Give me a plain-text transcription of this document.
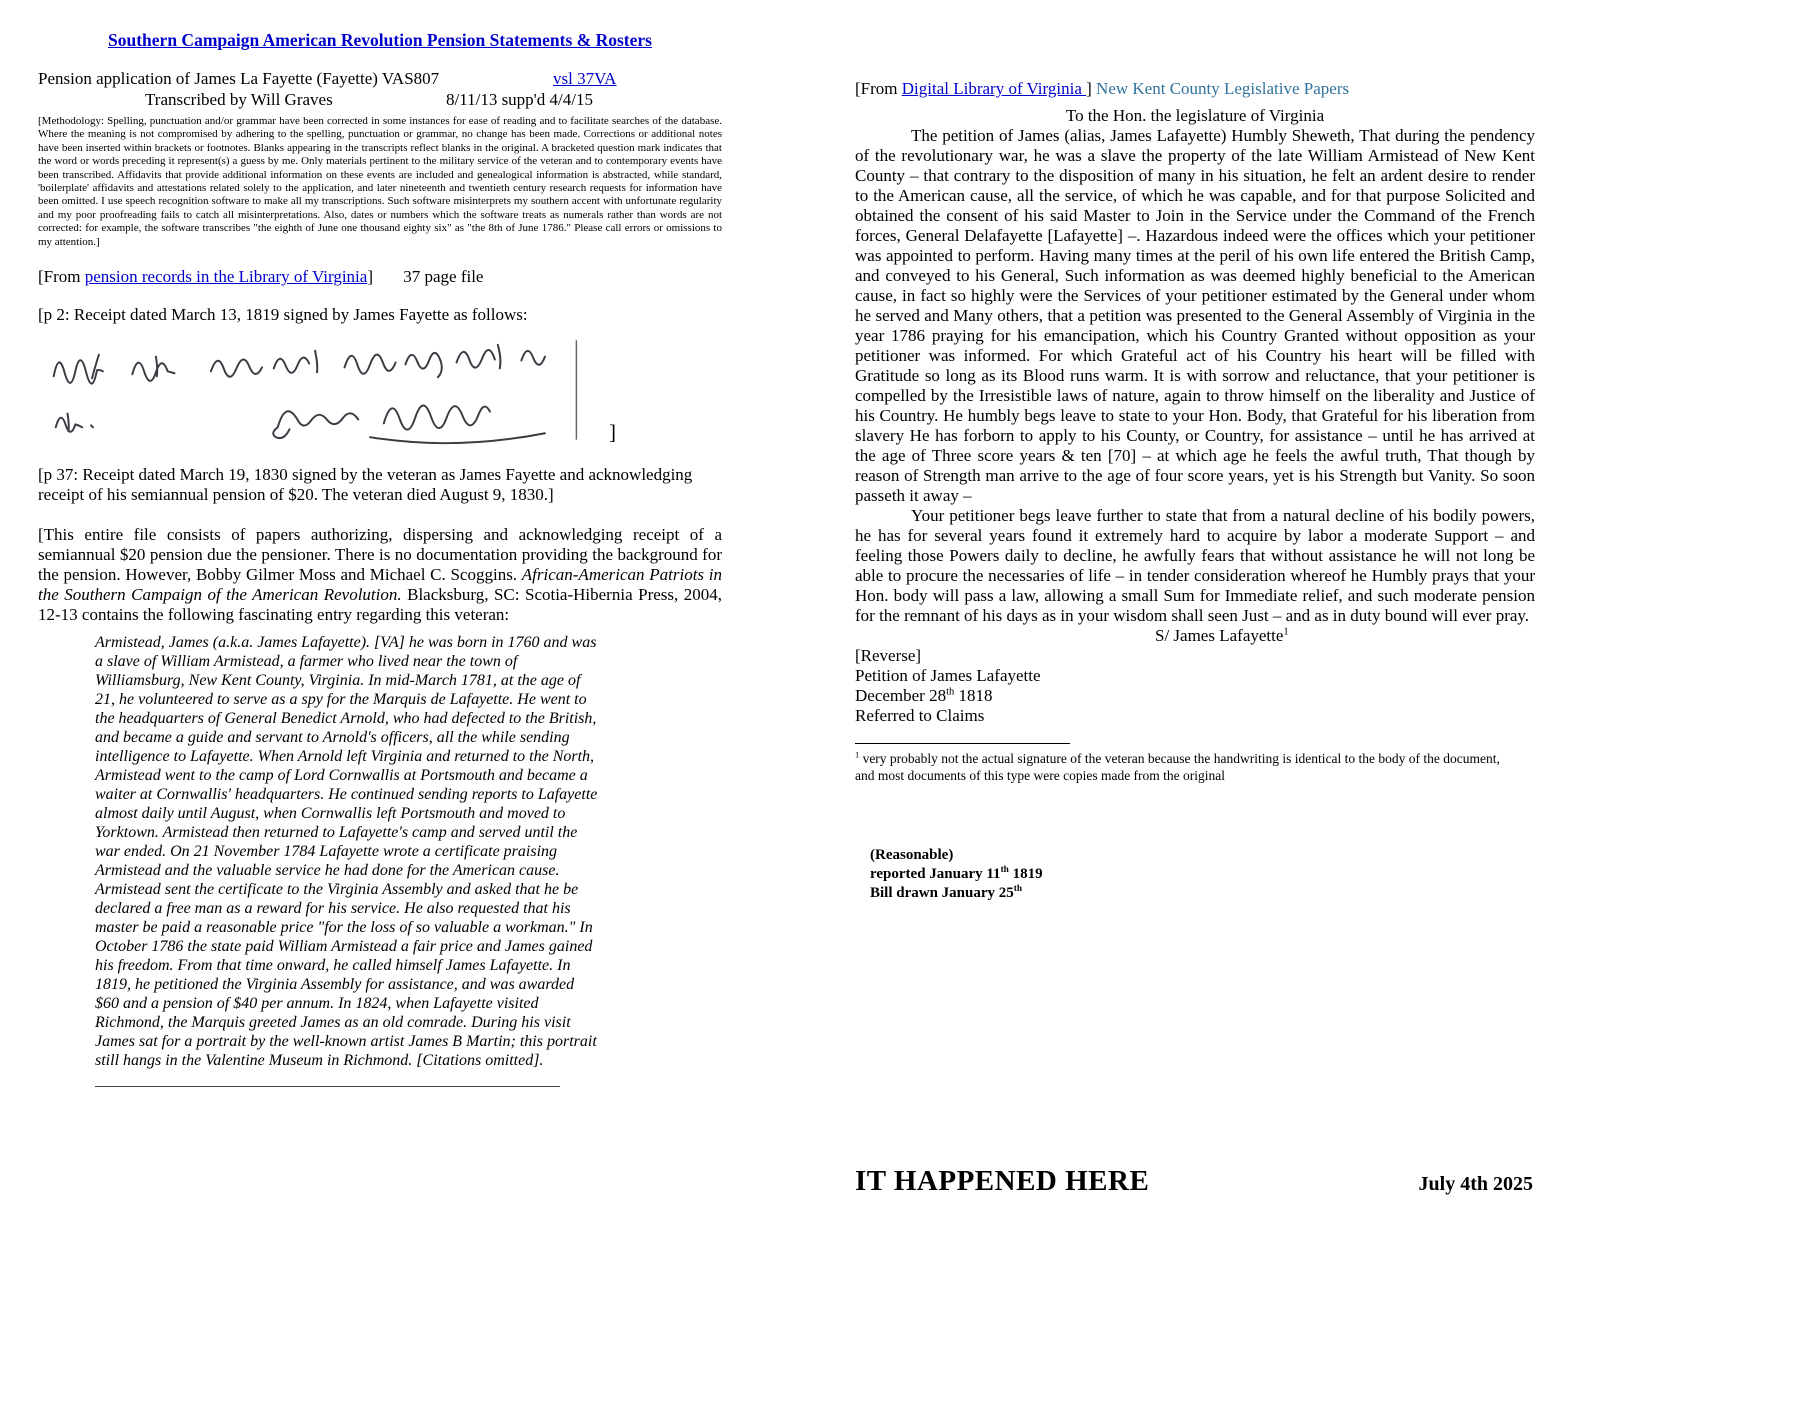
Southern Campaign American Revolution Pension Statements & Rosters
Pension application of James La Fayette (Fayette) VAS807	vsl 37VA
Transcribed by Will Graves	8/11/13 supp'd 4/4/15
[Methodology: Spelling, punctuation and/or grammar have been corrected in some instances for ease of reading and to facilitate searches of the database. Where the meaning is not compromised by adhering to the spelling, punctuation or grammar, no change has been made. Corrections or additional notes have been inserted within brackets or footnotes. Blanks appearing in the transcripts reflect blanks in the original. A bracketed question mark indicates that the word or words preceding it represent(s) a guess by me. Only materials pertinent to the military service of the veteran and to contemporary events have been transcribed. Affidavits that provide additional information on these events are included and genealogical information is abstracted, while standard, 'boilerplate' affidavits and attestations related solely to the application, and later nineteenth and twentieth century research requests for information have been omitted. I use speech recognition software to make all my transcriptions. Such software misinterprets my southern accent with unfortunate regularity and my poor proofreading fails to catch all misinterpretations. Also, dates or numbers which the software treats as numerals rather than words are not corrected: for example, the software transcribes "the eighth of June one thousand eighty six" as "the 8th of June 1786." Please call errors or omissions to my attention.]
[From pension records in the Library of Virginia] 37 page file
[p 2: Receipt dated March 13, 1819 signed by James Fayette as follows:
]
[p 37: Receipt dated March 19, 1830 signed by the veteran as James Fayette and acknowledging receipt of his semiannual pension of $20. The veteran died August 9, 1830.]
[This entire file consists of papers authorizing, dispersing and acknowledging receipt of a semiannual $20 pension due the pensioner. There is no documentation providing the background for the pension. However, Bobby Gilmer Moss and Michael C. Scoggins. African-American Patriots in the Southern Campaign of the American Revolution. Blacksburg, SC: Scotia-Hibernia Press, 2004, 12-13 contains the following fascinating entry regarding this veteran:
Armistead, James (a.k.a. James Lafayette). [VA] he was born in 1760 and was a slave of William Armistead, a farmer who lived near the town of Williamsburg, New Kent County, Virginia. In mid-March 1781, at the age of 21, he volunteered to serve as a spy for the Marquis de Lafayette. He went to the headquarters of General Benedict Arnold, who had defected to the British, and became a guide and servant to Arnold's officers, all the while sending intelligence to Lafayette. When Arnold left Virginia and returned to the North, Armistead went to the camp of Lord Cornwallis at Portsmouth and became a waiter at Cornwallis' headquarters. He continued sending reports to Lafayette almost daily until August, when Cornwallis left Portsmouth and moved to Yorktown. Armistead then returned to Lafayette's camp and served until the war ended. On 21 November 1784 Lafayette wrote a certificate praising Armistead and the valuable service he had done for the American cause. Armistead sent the certificate to the Virginia Assembly and asked that he be declared a free man as a reward for his service. He also requested that his master be paid a reasonable price "for the loss of so valuable a workman." In October 1786 the state paid William Armistead a fair price and James gained his freedom. From that time onward, he called himself James Lafayette. In 1819, he petitioned the Virginia Assembly for assistance, and was awarded $60 and a pension of $40 per annum. In 1824, when Lafayette visited Richmond, the Marquis greeted James as an old comrade. During his visit James sat for a portrait by the well-known artist James B Martin; this portrait still hangs in the Valentine Museum in Richmond. [Citations omitted].
[From Digital Library of Virginia ] New Kent County Legislative Papers
To the Hon. the legislature of Virginia

The petition of James (alias, James Lafayette) Humbly Sheweth, That during the pendency of the revolutionary war, he was a slave the property of the late William Armistead of New Kent County – that contrary to the disposition of many in his situation, he felt an ardent desire to render to the American cause, all the service, of which he was capable, and for that purpose Solicited and obtained the consent of his said Master to Join in the Service under the Command of the French forces, General Delafayette [Lafayette] –. Hazardous indeed were the offices which your petitioner was appointed to perform. Having many times at the peril of his own life entered the British Camp, and conveyed to his General, Such information as was deemed highly beneficial to the American cause, in fact so highly were the Services of your petitioner estimated by the General under whom he served and Many others, that a petition was presented to the General Assembly of Virginia in the year 1786 praying for his emancipation, which his Country Granted without opposition as your petitioner was informed. For which Grateful act of his Country his heart will be filled with Gratitude so long as its Blood runs warm. It is with sorrow and reluctance, that your petitioner is compelled by the Irresistible laws of nature, again to throw himself on the liberality and Justice of his Country. He humbly begs leave to state to your Hon. Body, that Grateful for his liberation from slavery He has forborn to apply to his County, or Country, for assistance – until he has arrived at the age of Three score years & ten [70] – at which age he feels the awful truth, That though by reason of Strength man arrive to the age of four score years, yet is his Strength but Vanity. So soon passeth it away –

Your petitioner begs leave further to state that from a natural decline of his bodily powers, he has for several years found it extremely hard to acquire by labor a moderate Support – and feeling those Powers daily to decline, he awfully fears that without assistance he will not long be able to procure the necessaries of life – in tender consideration whereof he Humbly prays that your Hon. body will pass a law, allowing a small Sum for Immediate relief, and such moderate pension for the remnant of his days as in your wisdom shall seen Just – and as in duty bound will ever pray.

S/ James Lafayette$^1$
[Reverse]
Petition of James Lafayette
December 28th 1818
Referred to Claims
$^1$ very probably not the actual signature of the veteran because the handwriting is identical to the body of the document, and most documents of this type were copies made from the original
(Reasonable)
reported January 11th 1819
Bill drawn January 25th
IT HAPPENED HERE	July 4th 2025
